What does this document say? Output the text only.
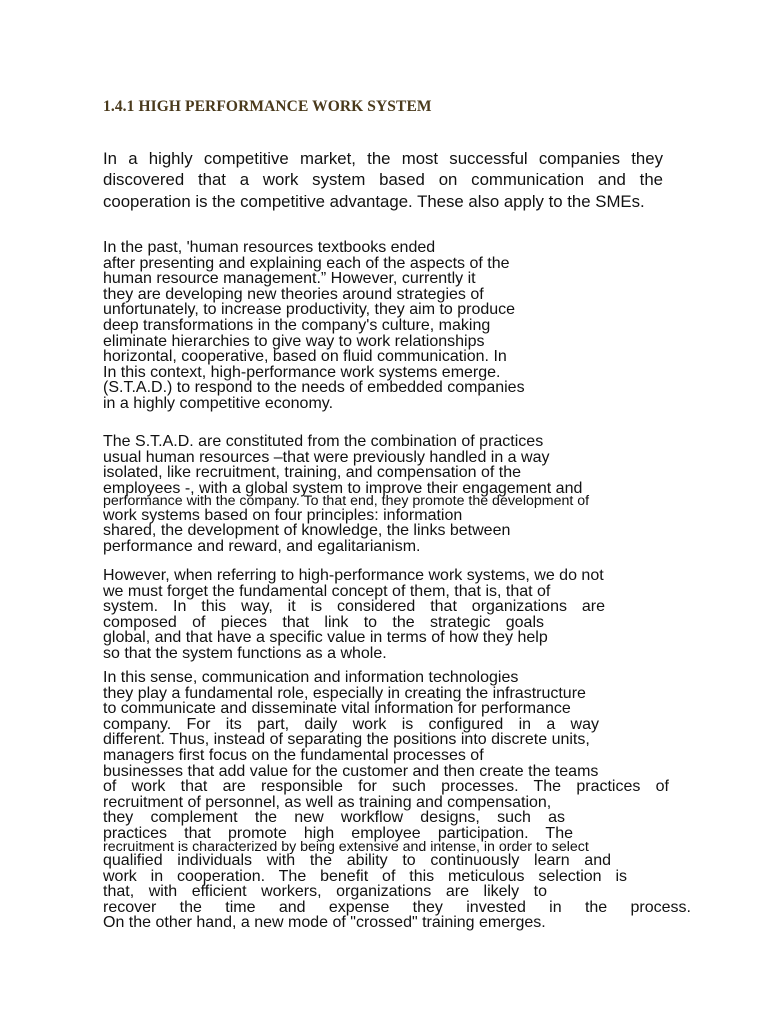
1.4.1 HIGH PERFORMANCE WORK SYSTEM

In a highly competitive market, the most successful companies they discovered that a work system based on communication and the cooperation is the competitive advantage. These also apply to the SMEs.

In the past, 'human resources textbooks ended
after presenting and explaining each of the aspects of the
human resource management.” However, currently it
they are developing new theories around strategies of
unfortunately, to increase productivity, they aim to produce
deep transformations in the company's culture, making
eliminate hierarchies to give way to work relationships
horizontal, cooperative, based on fluid communication. In
In this context, high-performance work systems emerge.
(S.T.A.D.) to respond to the needs of embedded companies
in a highly competitive economy.
The S.T.A.D. are constituted from the combination of practices
usual human resources –that were previously handled in a way
isolated, like recruitment, training, and compensation of the
employees -, with a global system to improve their engagement and
performance with the company. To that end, they promote the development of
work systems based on four principles: information
shared, the development of knowledge, the links between
performance and reward, and egalitarianism.
However, when referring to high-performance work systems, we do not
we must forget the fundamental concept of them, that is, that of
system. In this way, it is considered that organizations are
composed of pieces that link to the strategic goals
global, and that have a specific value in terms of how they help
so that the system functions as a whole.
In this sense, communication and information technologies
they play a fundamental role, especially in creating the infrastructure
to communicate and disseminate vital information for performance
company. For its part, daily work is configured in a way
different. Thus, instead of separating the positions into discrete units,
managers first focus on the fundamental processes of
businesses that add value for the customer and then create the teams
of work that are responsible for such processes. The practices of
recruitment of personnel, as well as training and compensation,
they complement the new workflow designs, such as
practices that promote high employee participation. The
recruitment is characterized by being extensive and intense, in order to select
qualified individuals with the ability to continuously learn and
work in cooperation. The benefit of this meticulous selection is
that, with efficient workers, organizations are likely to
recover the time and expense they invested in the process.
On the other hand, a new mode of "crossed" training emerges.
